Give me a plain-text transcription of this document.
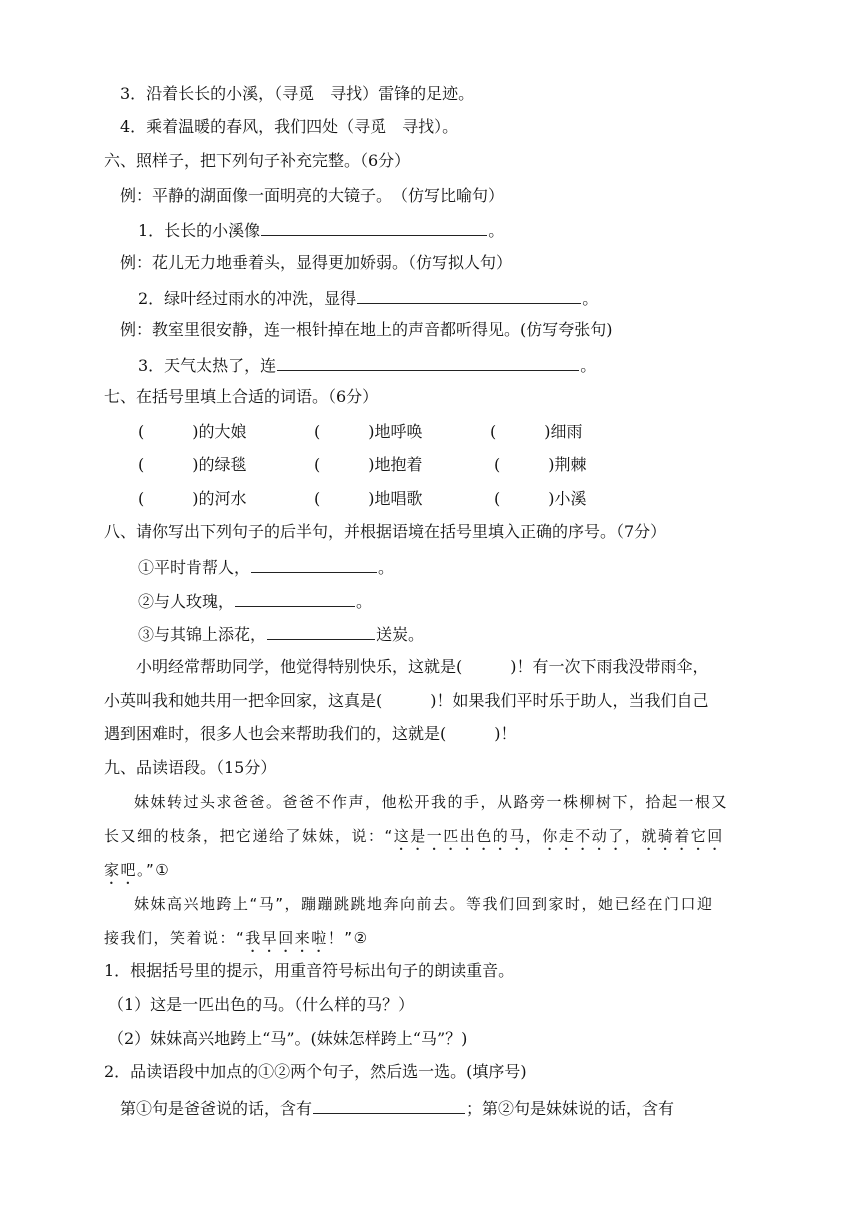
3．沿着长长的小溪，（寻觅　寻找）雷锋的足迹。
4．乘着温暖的春风，我们四处（寻觅　寻找）。
六、照样子，把下列句子补充完整。（6分）
例：平静的湖面像一面明亮的大镜子。　（仿写比喻句）
1．长长的小溪像	。
例：花儿无力地垂着头，显得更加娇弱。（仿写拟人句）
2．绿叶经过雨水的冲洗，显得	。
例：教室里很安静，连一根针掉在地上的声音都听得见。(仿写夸张句)
3．天气太热了，连	。
七、在括号里填上合适的词语。（6分）
(　　　)的大娘	(　　　)地呼唤	(　　　)细雨
(　　　)的绿毯	(　　　)地抱着	(　　　)荆棘
(　　　)的河水	(　　　)地唱歌	(　　　)小溪
八、请你写出下列句子的后半句，并根据语境在括号里填入正确的序号。（7分）
①平时肯帮人，	。
②与人玫瑰，	。
③与其锦上添花，	送炭。
小明经常帮助同学，他觉得特别快乐，这就是(　　　)！有一次下雨我没带雨伞，
小英叫我和她共用一把伞回家，这真是(　　　)！如果我们平时乐于助人，当我们自己
遇到困难时，很多人也会来帮助我们的，这就是(　　　)！
九、品读语段。（15分）
妹妹转过头求爸爸。爸爸不作声，他松开我的手，从路旁一株柳树下，拾起一根又
长又细的枝条，把它递给了妹妹，说：“这是一匹出色的马，你走不动了，就骑着它回
家吧。”①
妹妹高兴地跨上“马”，蹦蹦跳跳地奔向前去。等我们回到家时，她已经在门口迎
接我们，笑着说：“我早回来啦！”②
1．根据括号里的提示，用重音符号标出句子的朗读重音。
（1）这是一匹出色的马。（什么样的马？）
（2）妹妹高兴地跨上“马”。(妹妹怎样跨上“马”？)
2．品读语段中加点的①②两个句子，然后选一选。(填序号)
第①句是爸爸说的话，含有	；第②句是妹妹说的话，含有
